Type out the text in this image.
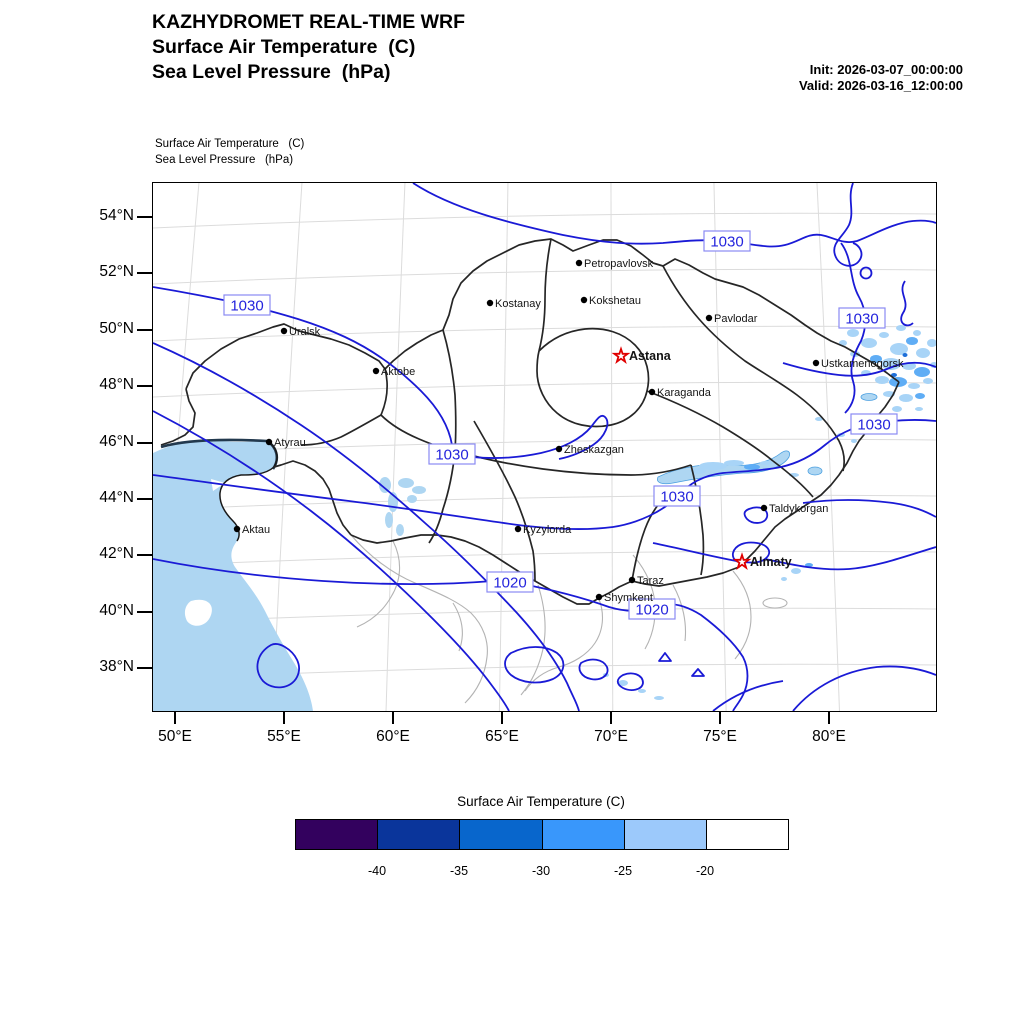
KAZHYDROMET REAL-TIME WRF
Surface Air Temperature  (C)
Sea Level Pressure  (hPa)	Init: 2026-03-07_00:00:00
Valid: 2026-03-16_12:00:00
Surface Air Temperature   (C)
Sea Level Pressure   (hPa)
1030
1030
1030
1030
1030
1030
1020
1020
Petropavlovsk
Kostanay	Kokshetau
Pavlodar
Astana
Ustkamenogorsk
Uralsk
Aktobe
Karaganda
Atyrau
Zheskazgan
Taldykorgan
Aktau	Kyzylorda
Almaty
Taraz
Shymkent
54°N
52°N
50°N
48°N
46°N
44°N
42°N
40°N
38°N
50°E	55°E	60°E	65°E	70°E	75°E	80°E
Surface Air Temperature (C)
-40	-35	-30	-25	-20
